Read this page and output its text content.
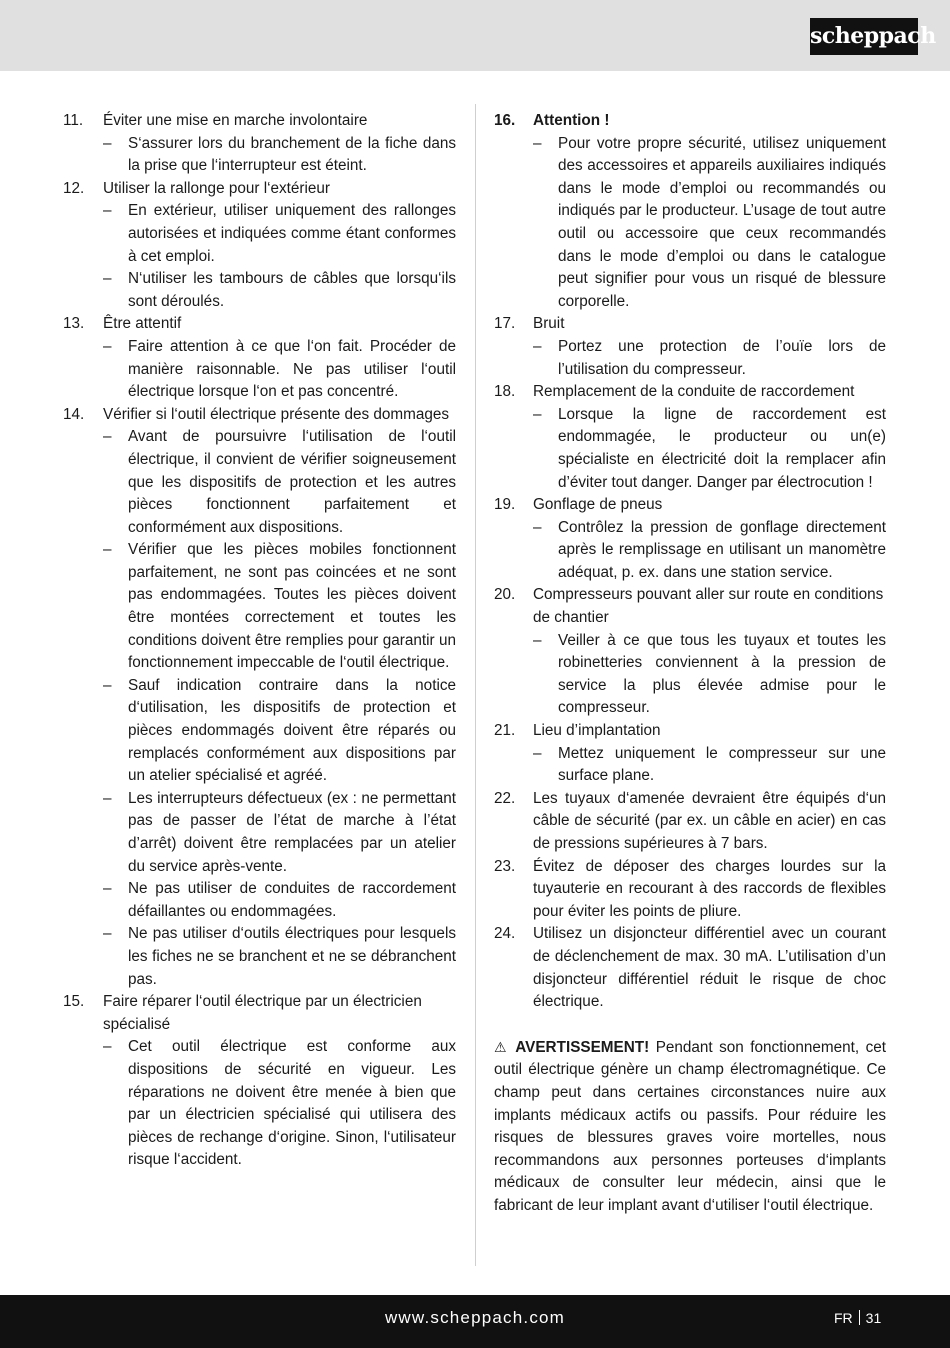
scheppach
11. Éviter une mise en marche involontaire
– S‘assurer lors du branchement de la fiche dans la prise que l‘interrupteur est éteint.
12. Utiliser la rallonge pour l‘extérieur
– En extérieur, utiliser uniquement des rallonges autorisées et indiquées comme étant conformes à cet emploi.
– N‘utiliser les tambours de câbles que lorsqu‘ils sont déroulés.
13. Être attentif
– Faire attention à ce que l‘on fait. Procéder de manière raisonnable. Ne pas utiliser l‘outil électrique lorsque l‘on et pas concentré.
14. Vérifier si l‘outil électrique présente des dommages
– Avant de poursuivre l‘utilisation de l‘outil électrique, il convient de vérifier soigneusement que les dispositifs de protection et les autres pièces fonctionnent parfaitement et conformément aux dispositions.
– Vérifier que les pièces mobiles fonctionnent parfaitement, ne sont pas coincées et ne sont pas endommagées. Toutes les pièces doivent être montées correctement et toutes les conditions doivent être remplies pour garantir un fonctionnement impeccable de l‘outil électrique.
– Sauf indication contraire dans la notice d‘utilisation, les dispositifs de protection et pièces endommagés doivent être réparés ou remplacés conformément aux dispositions par un atelier spécialisé et agréé.
– Les interrupteurs défectueux (ex : ne permettant pas de passer de l’état de marche à l’état d’arrêt) doivent être remplacées par un atelier du service après-vente.
– Ne pas utiliser de conduites de raccordement défaillantes ou endommagées.
– Ne pas utiliser d‘outils électriques pour lesquels les fiches ne se branchent et ne se débranchent pas.
15. Faire réparer l‘outil électrique par un électricien spécialisé
– Cet outil électrique est conforme aux dispositions de sécurité en vigueur. Les réparations ne doivent être menée à bien que par un électricien spécialisé qui utilisera des pièces de rechange d‘origine. Sinon, l‘utilisateur risque l‘accident.
16. Attention !
– Pour votre propre sécurité, utilisez uniquement des accessoires et appareils auxiliaires indiqués dans le mode d’emploi ou recommandés ou indiqués par le producteur. L’usage de tout autre outil ou accessoire que ceux recommandés dans le mode d’emploi ou dans le catalogue peut signifier pour vous un risqué de blessure corporelle.
17. Bruit
– Portez une protection de l’ouïe lors de l’utilisation du compresseur.
18. Remplacement de la conduite de raccordement
– Lorsque la ligne de raccordement est endommagée, le producteur ou un(e) spécialiste en électricité doit la remplacer afin d’éviter tout danger. Danger par électrocution !
19. Gonflage de pneus
– Contrôlez la pression de gonflage directement après le remplissage en utilisant un manomètre adéquat, p. ex. dans une station service.
20. Compresseurs pouvant aller sur route en conditions de chantier
– Veiller à ce que tous les tuyaux et toutes les robinetteries conviennent à la pression de service la plus élevée admise pour le compresseur.
21. Lieu d’implantation
– Mettez uniquement le compresseur sur une surface plane.
22. Les tuyaux d‘amenée devraient être équipés d‘un câble de sécurité (par ex. un câble en acier) en cas de pressions supérieures à 7 bars.
23. Évitez de déposer des charges lourdes sur la tuyauterie en recourant à des raccords de flexibles pour éviter les points de pliure.
24. Utilisez un disjoncteur différentiel avec un courant de déclenchement de max. 30 mA. L’utilisation d’un disjoncteur différentiel réduit le risque de choc électrique.
⚠ AVERTISSEMENT! Pendant son fonctionnement, cet outil électrique génère un champ électromagnétique. Ce champ peut dans certaines circonstances nuire aux implants médicaux actifs ou passifs. Pour réduire les risques de blessures graves voire mortelles, nous recommandons aux personnes porteuses d‘implants médicaux de consulter leur médecin, ainsi que le fabricant de leur implant avant d‘utiliser l‘outil électrique.
www.scheppach.com	FR 31
